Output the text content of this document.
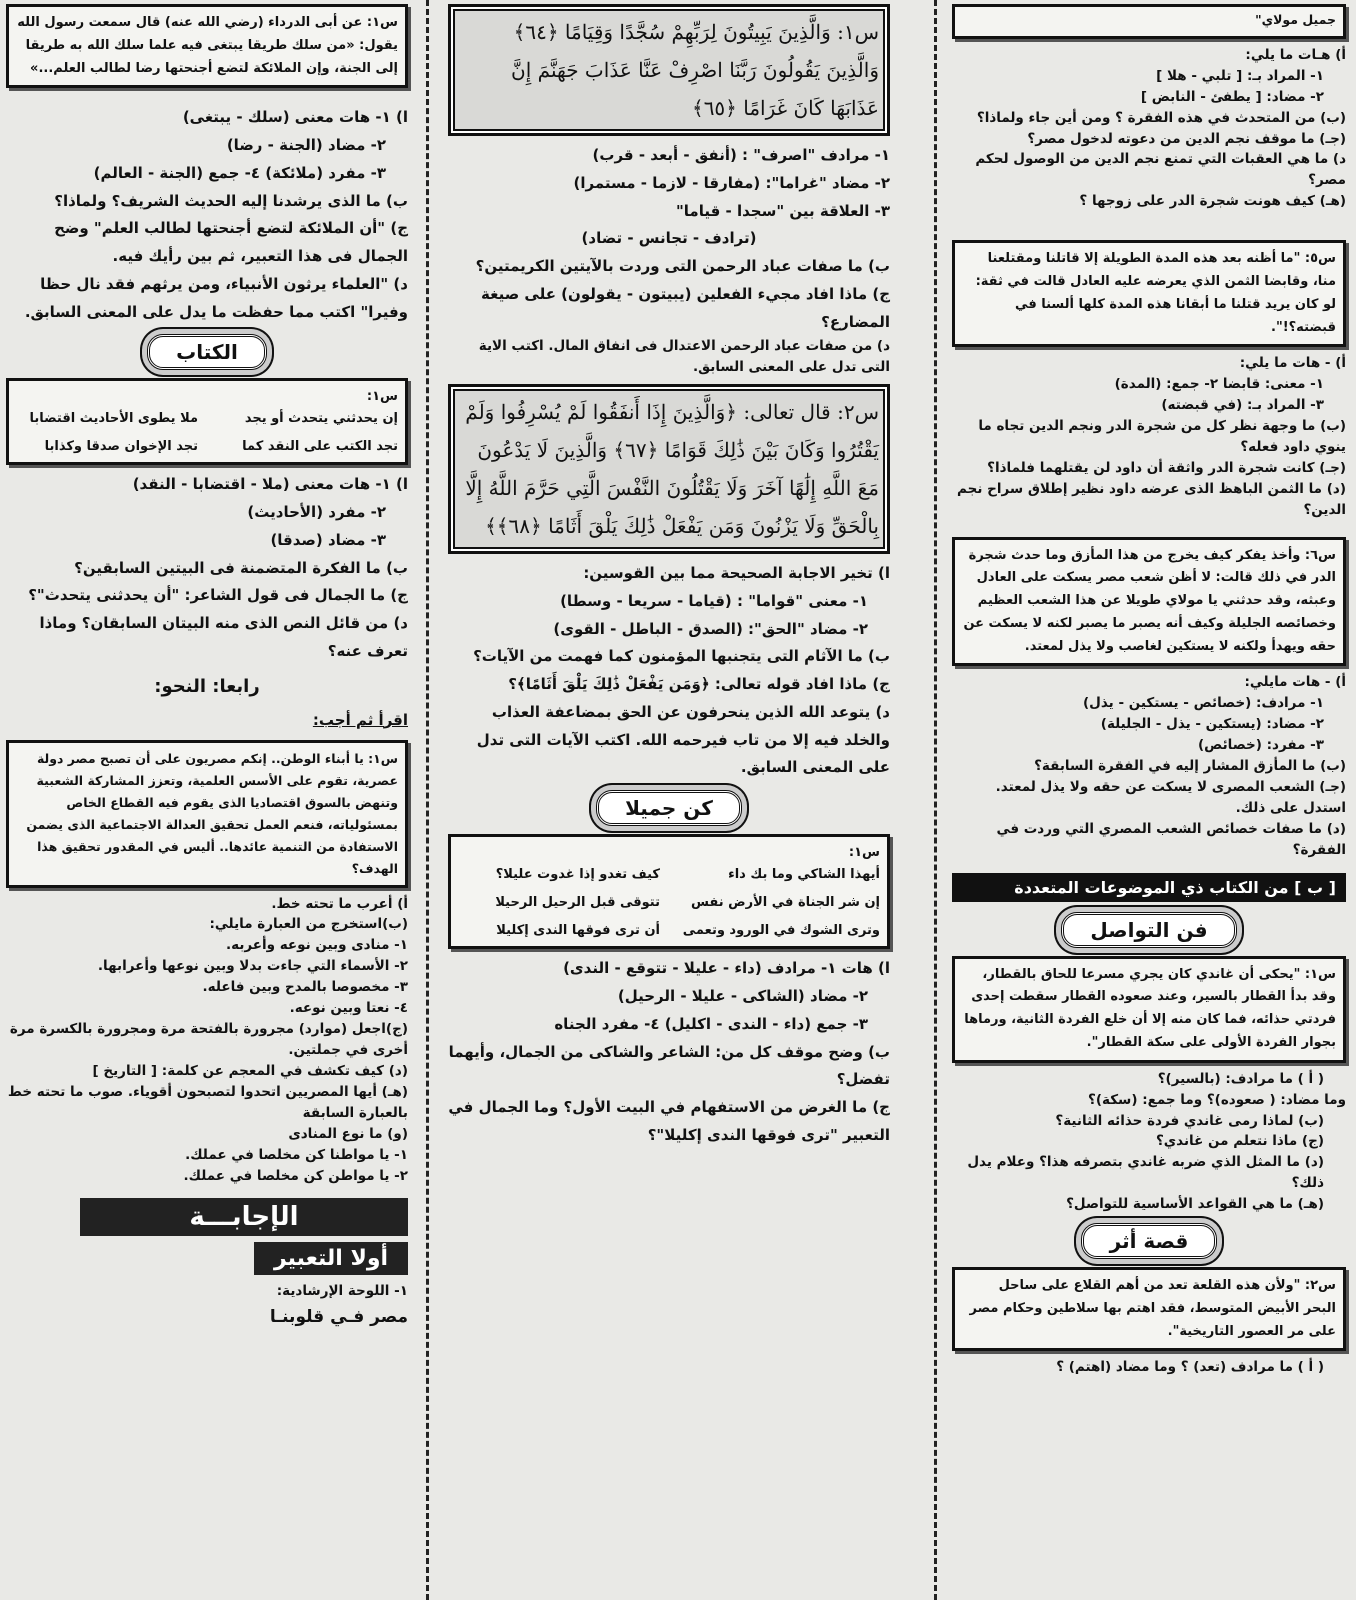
جميل مولاي"

أ) هـات ما يلي:

١- المراد بـ: [ تلبي - هلا ]

٢- مضاد: [ يطفئ - النابض ]

(ب) من المتحدث في هذه الفقرة ؟ ومن أين جاء ولماذا؟

(جـ) ما موقف نجم الدين من دعوته لدخول مصر؟

د) ما هي العقبات التي تمنع نجم الدين من الوصول لحكم مصر؟

(هـ) كيف هونت شجرة الدر على زوجها ؟

س٥: "ما أظنه بعد هذه المدة الطويلة إلا قاتلنا ومقتلعنا منا، وقابضا الثمن الذي يعرضه عليه العادل قالت في ثقة: لو كان يريد قتلنا ما أبقانا هذه المدة كلها ألسنا في قبضته؟!".

أ) - هات ما يلي:

١- معنى: قابضا ٢- جمع: (المدة)

٣- المراد بـ: (في قبضته)

(ب) ما وجهة نظر كل من شجرة الدر ونجم الدين تجاه ما ينوي داود فعله؟

(جـ) كانت شجرة الدر واثقة أن داود لن يقتلهما فلماذا؟

(د) ما الثمن الباهظ الذى عرضه داود نظير إطلاق سراح نجم الدين؟

س٦: وأخذ يفكر كيف يخرج من هذا المأزق وما حدث شجرة الدر في ذلك قالت: لا أظن شعب مصر يسكت على العادل وعبثه، وقد حدثني يا مولاي طويلا عن هذا الشعب العظيم وخصائصه الجليلة وكيف أنه يصبر ما يصبر لكنه لا يسكت عن حقه ويهدأ ولكنه لا يستكين لغاصب ولا يذل لمعتد.

أ) - هات مايلي:

١- مرادف: (خصائص - يستكين - يذل)

٢- مضاد: (يستكين - يذل - الجليلة)

٣- مفرد: (خصائص)

(ب) ما المأزق المشار إليه في الفقرة السابقة؟

(جـ) الشعب المصرى لا يسكت عن حقه ولا يذل لمعتد. استدل على ذلك.

(د) ما صفات خصائص الشعب المصري التي وردت في الفقرة؟

[ ب ] من الكتاب ذي الموضوعات المتعددة
فن التواصل
س١: "يحكى أن غاندي كان يجري مسرعا للحاق بالقطار، وقد بدأ القطار بالسير، وعند صعوده القطار سقطت إحدى فردتي حذائه، فما كان منه إلا أن خلع الفردة الثانية، ورماها بجوار الفردة الأولى على سكة القطار".

( أ ) ما مرادف: (بالسير)؟

وما مضاد: ( صعوده)؟ وما جمع: (سكة)؟

(ب) لماذا رمى غاندي فردة حذائه الثانية؟

(ج) ماذا نتعلم من غاندي؟

(د) ما المثل الذي ضربه غاندي بتصرفه هذا؟ وعلام يدل ذلك؟

(هـ) ما هي القواعد الأساسية للتواصل؟

قصة أثر
س٢: "ولأن هذه القلعة تعد من أهم القلاع على ساحل البحر الأبيض المتوسط، فقد اهتم بها سلاطين وحكام مصر على مر العصور التاريخية".

( أ ) ما مرادف (تعد) ؟ وما مضاد (اهتم) ؟

س١: وَالَّذِينَ يَبِيتُونَ لِرَبِّهِمْ سُجَّدًا وَقِيَامًا ﴿٦٤﴾ وَالَّذِينَ يَقُولُونَ رَبَّنَا اصْرِفْ عَنَّا عَذَابَ جَهَنَّمَ إِنَّ عَذَابَهَا كَانَ غَرَامًا ﴿٦٥﴾

١- مرادف "اصرف" : (أنفق - أبعد - قرب)

٢- مضاد "غراما": (مفارقا - لازما - مستمرا)

٣- العلاقة بين "سجدا - قياما"

(ترادف - تجانس - تضاد)

ب) ما صفات عباد الرحمن التى وردت بالآيتين الكريمتين؟

ج) ماذا افاد مجيء الفعلين (يبيتون - يقولون) على صيغة المضارع؟

د) من صفات عباد الرحمن الاعتدال فى انفاق المال. اكتب الاية التى تدل على المعنى السابق.

س٢: قال تعالى: ﴿وَالَّذِينَ إِذَا أَنفَقُوا لَمْ يُسْرِفُوا وَلَمْ يَقْتُرُوا وَكَانَ بَيْنَ ذَٰلِكَ قَوَامًا ﴿٦٧﴾ وَالَّذِينَ لَا يَدْعُونَ مَعَ اللَّهِ إِلَٰهًا آخَرَ وَلَا يَقْتُلُونَ النَّفْسَ الَّتِي حَرَّمَ اللَّهُ إِلَّا بِالْحَقِّ وَلَا يَزْنُونَ وَمَن يَفْعَلْ ذَٰلِكَ يَلْقَ أَثَامًا ﴿٦٨﴾﴾

ا) تخير الاجابة الصحيحة مما بين القوسين:

١- معنى "قواما" : (قياما - سريعا - وسطا)

٢- مضاد "الحق": (الصدق - الباطل - القوى)

ب) ما الآثام التى يتجنبها المؤمنون كما فهمت من الآيات؟

ج) ماذا افاد قوله تعالى: ﴿وَمَن يَفْعَلْ ذَٰلِكَ يَلْقَ أَثَامًا﴾؟

د) يتوعد الله الذين ينحرفون عن الحق بمضاعفة العذاب والخلد فيه إلا من تاب فيرحمه الله. اكتب الآيات التى تدل على المعنى السابق.

كن جميلا
س١:

أيهذا الشاكي وما بك داء

كيف تغدو إذا غدوت عليلا؟

إن شر الجناة في الأرض نفس

تتوقى قبل الرحيل الرحيلا

وترى الشوك في الورود وتعمى

أن ترى فوقها الندى إكليلا

ا) هات ١- مرادف (داء - عليلا - تتوقع - الندى)

٢- مضاد (الشاكى - عليلا - الرحيل)

٣- جمع (داء - الندى - اكليل) ٤- مفرد الجناه

ب) وضح موقف كل من: الشاعر والشاكى من الجمال، وأيهما تفضل؟

ج) ما الغرض من الاستفهام في البيت الأول؟ وما الجمال في التعبير "ترى فوقها الندى إكليلا"؟

س١: عن أبى الدرداء (رضي الله عنه) قال سمعت رسول الله يقول: «من سلك طريقا يبتغى فيه علما سلك الله به طريقا إلى الجنة، وإن الملائكة لتضع أجنحتها رضا لطالب العلم...»

ا) ١- هات معنى (سلك - يبتغى)

٢- مضاد (الجنة - رضا)

٣- مفرد (ملائكة) ٤- جمع (الجنة - العالم)

ب) ما الذى يرشدنا إليه الحديث الشريف؟ ولماذا؟

ج) "أن الملائكة لتضع أجنحتها لطالب العلم" وضح الجمال فى هذا التعبير، ثم بين رأيك فيه.

د) "العلماء يرثون الأنبياء، ومن يرثهم فقد نال حظا وفيرا" اكتب مما حفظت ما يدل على المعنى السابق.

الكتاب
س١:

إن يحدثني يتحدث أو يجد

ملا يطوى الأحاديث اقتضابا

تجد الكتب على النقد كما

تجد الإخوان صدقا وكذابا

ا) ١- هات معنى (ملا - اقتضابا - النقد)

٢- مفرد (الأحاديث)

٣- مضاد (صدقا)

ب) ما الفكرة المتضمنة فى البيتين السابقين؟

ج) ما الجمال فى قول الشاعر: "أن يحدثنى يتحدث"؟

د) من قائل النص الذى منه البيتان السابقان؟ وماذا تعرف عنه؟

رابعا: النحو:

اقرأ ثم أجب:

س١: يا أبناء الوطن.. إنكم مصريون على أن تصبح مصر دولة عصرية، تقوم على الأسس العلمية، وتعزز المشاركة الشعبية وتنهض بالسوق اقتصاديا الذى يقوم فيه القطاع الخاص بمسئولياته، فنعم العمل تحقيق العدالة الاجتماعية الذى يضمن الاستفادة من التنمية عائدها.. أليس في المقدور تحقيق هذا الهدف؟

أ) أعرب ما تحته خط.

(ب)استخرج من العبارة مايلي:

١- منادى وبين نوعه وأعربه.

٢- الأسماء التي جاءت بدلا وبين نوعها وأعرابها.

٣- مخصوصا بالمدح وبين فاعله.

٤- نعتا وبين نوعه.

(ج)اجعل (موارد) مجرورة بالفتحة مرة ومجرورة بالكسرة مرة أخرى في جملتين.

(د) كيف تكشف في المعجم عن كلمة: [ التاريخ ]

(هـ) أيها المصريين اتحدوا لتصبحون أقوياء. صوب ما تحته خط بالعبارة السابقة

(و) ما نوع المنادى

١- يا مواطنا كن مخلصا في عملك.

٢- يا مواطن كن مخلصا في عملك.

الإجابـــة
أولا التعبير

١- اللوحة الإرشادية:

مصر فـي قلوبنـا
